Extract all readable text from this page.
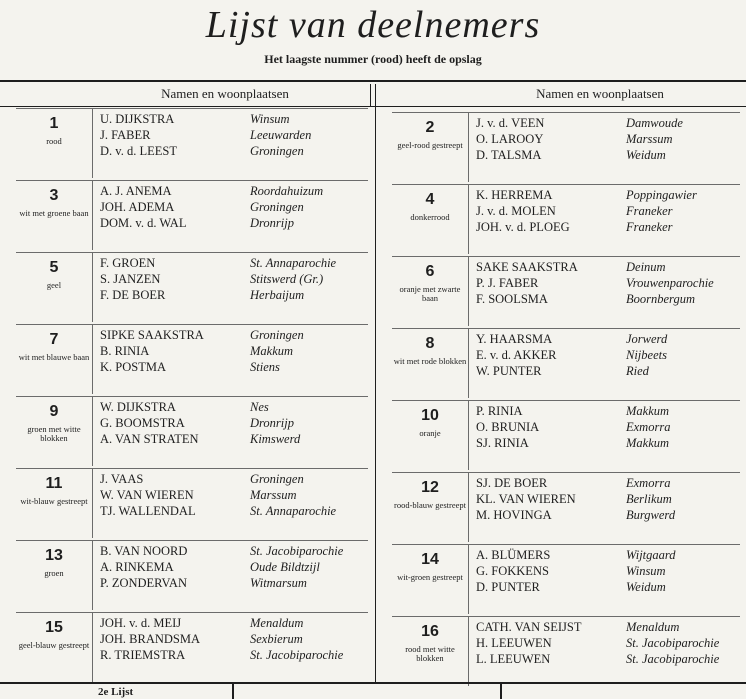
Lijst van deelnemers
Het laagste nummer (rood) heeft de opslag
Namen en woonplaatsen	Namen en woonplaatsen
1
rood
U. DIJKSTRA	Winsum
J. FABER	Leeuwarden
D. v. d. LEEST	Groningen
3
wit met groene baan
A. J. ANEMA	Roordahuizum
JOH. ADEMA	Groningen
DOM. v. d. WAL	Dronrijp
5
geel
F. GROEN	St. Annaparochie
S. JANZEN	Stitswerd (Gr.)
F. DE BOER	Herbaijum
7
wit met blauwe baan
SIPKE SAAKSTRA	Groningen
B. RINIA	Makkum
K. POSTMA	Stiens
9
groen met witte blokken
W. DIJKSTRA	Nes
G. BOOMSTRA	Dronrijp
A. VAN STRATEN	Kimswerd
11
wit-blauw gestreept
J. VAAS	Groningen
W. VAN WIEREN	Marssum
TJ. WALLENDAL	St. Annaparochie
13
groen
B. VAN NOORD	St. Jacobiparochie
A. RINKEMA	Oude Bildtzijl
P. ZONDERVAN	Witmarsum
15
geel-blauw gestreept
JOH. v. d. MEIJ	Menaldum
JOH. BRANDSMA	Sexbierum
R. TRIEMSTRA	St. Jacobiparochie
2
geel-rood gestreept
J. v. d. VEEN	Damwoude
O. LAROOY	Marssum
D. TALSMA	Weidum
4
donkerrood
K. HERREMA	Poppingawier
J. v. d. MOLEN	Franeker
JOH. v. d. PLOEG	Franeker
6
oranje met zwarte baan
SAKE SAAKSTRA	Deinum
P. J. FABER	Vrouwenparochie
F. SOOLSMA	Boornbergum
8
wit met rode blokken
Y. HAARSMA	Jorwerd
E. v. d. AKKER	Nijbeets
W. PUNTER	Ried
10
oranje
P. RINIA	Makkum
O. BRUNIA	Exmorra
SJ. RINIA	Makkum
12
rood-blauw gestreept
SJ. DE BOER	Exmorra
KL. VAN WIEREN	Berlikum
M. HOVINGA	Burgwerd
14
wit-groen gestreept
A. BLÜMERS	Wijtgaard
G. FOKKENS	Winsum
D. PUNTER	Weidum
16
rood met witte blokken
CATH. VAN SEIJST	Menaldum
H. LEEUWEN	St. Jacobiparochie
L. LEEUWEN	St. Jacobiparochie
2e Lijst
